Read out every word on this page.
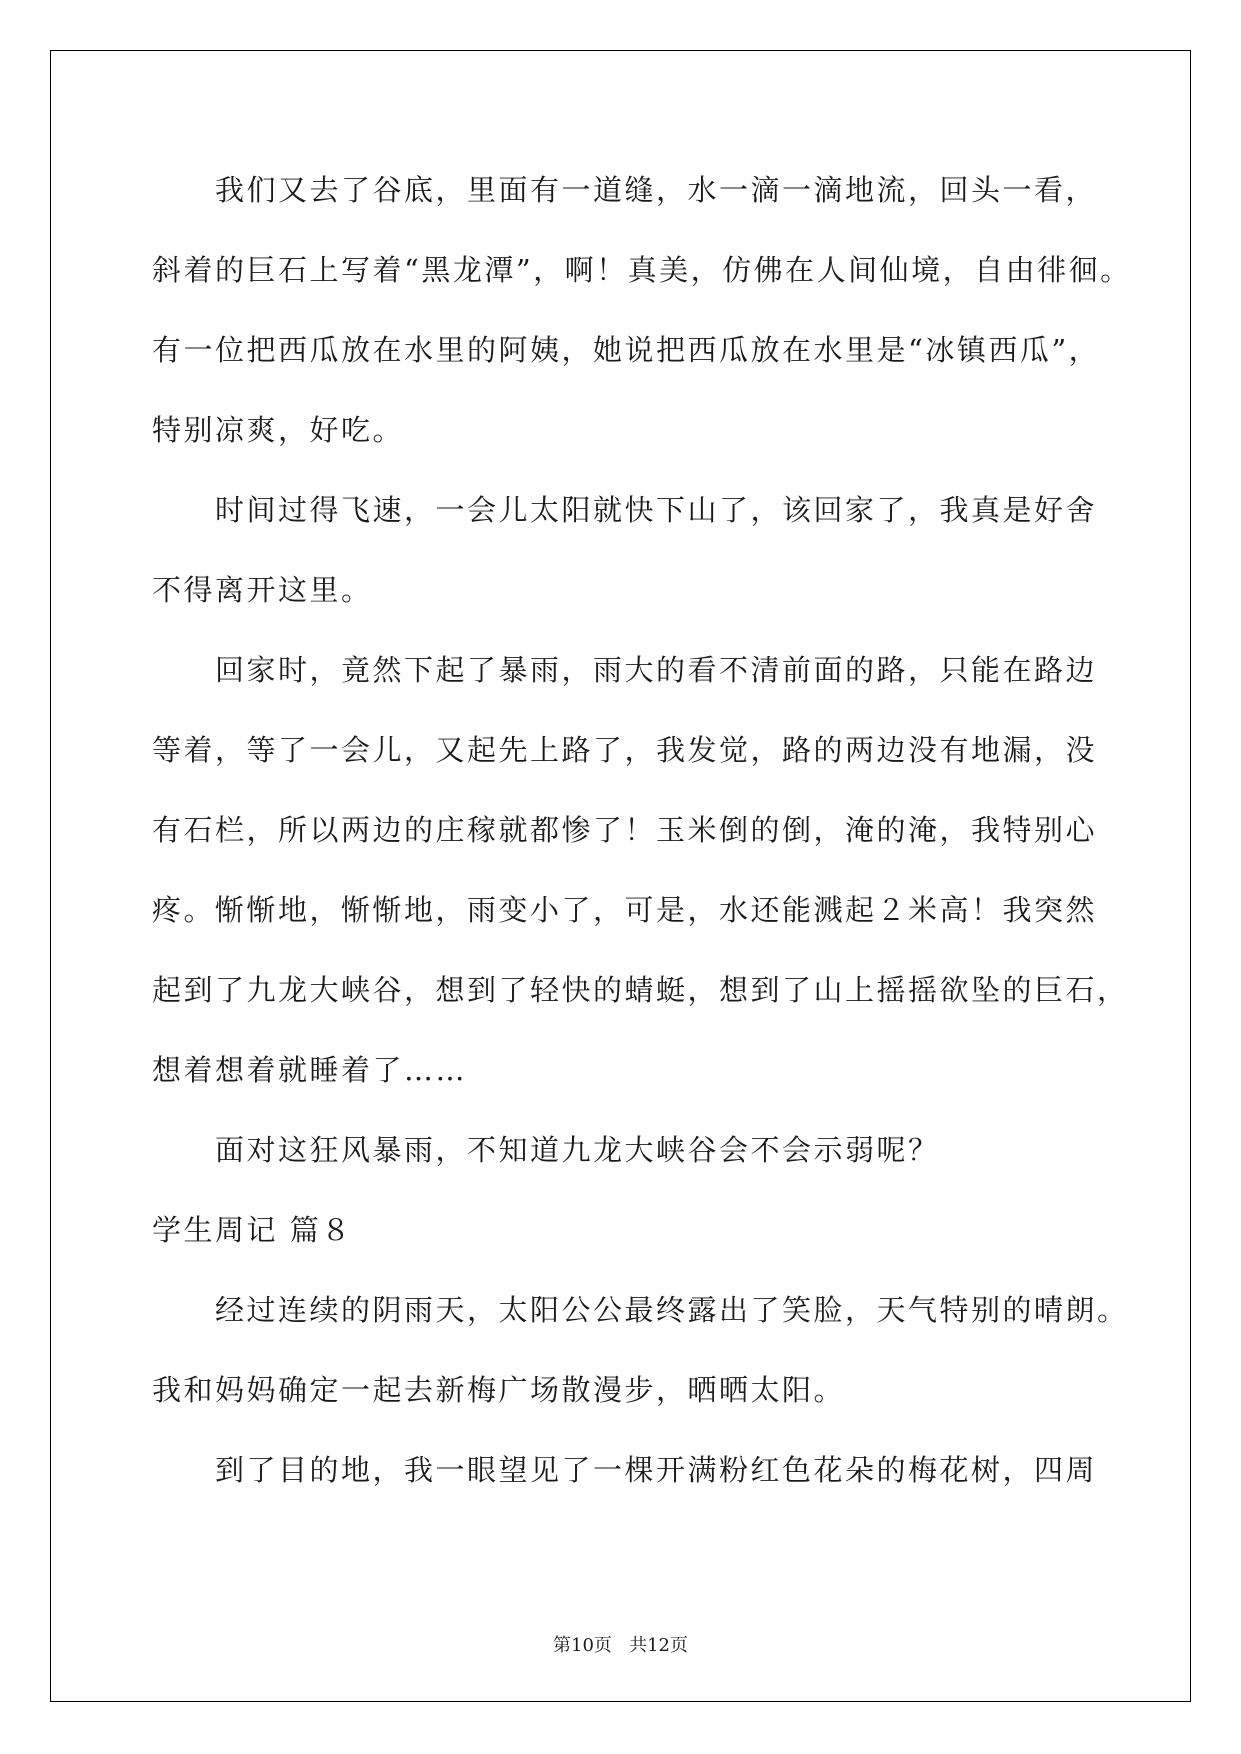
我们又去了谷底，里面有一道缝，水一滴一滴地流，回头一看，
斜着的巨石上写着“黑龙潭”，啊！真美，仿佛在人间仙境，自由徘徊。
有一位把西瓜放在水里的阿姨，她说把西瓜放在水里是“冰镇西瓜”，
特别凉爽，好吃。
时间过得飞速，一会儿太阳就快下山了，该回家了，我真是好舍
不得离开这里。
回家时，竟然下起了暴雨，雨大的看不清前面的路，只能在路边
等着，等了一会儿，又起先上路了，我发觉，路的两边没有地漏，没
有石栏，所以两边的庄稼就都惨了！玉米倒的倒，淹的淹，我特别心
疼。惭惭地，惭惭地，雨变小了，可是，水还能溅起２米高！我突然
起到了九龙大峡谷，想到了轻快的蜻蜓，想到了山上摇摇欲坠的巨石，
想着想着就睡着了……
面对这狂风暴雨，不知道九龙大峡谷会不会示弱呢？
学生周记 篇８
经过连续的阴雨天，太阳公公最终露出了笑脸，天气特别的晴朗。
我和妈妈确定一起去新梅广场散漫步，晒晒太阳。
到了目的地，我一眼望见了一棵开满粉红色花朵的梅花树，四周
第10页 共12页
